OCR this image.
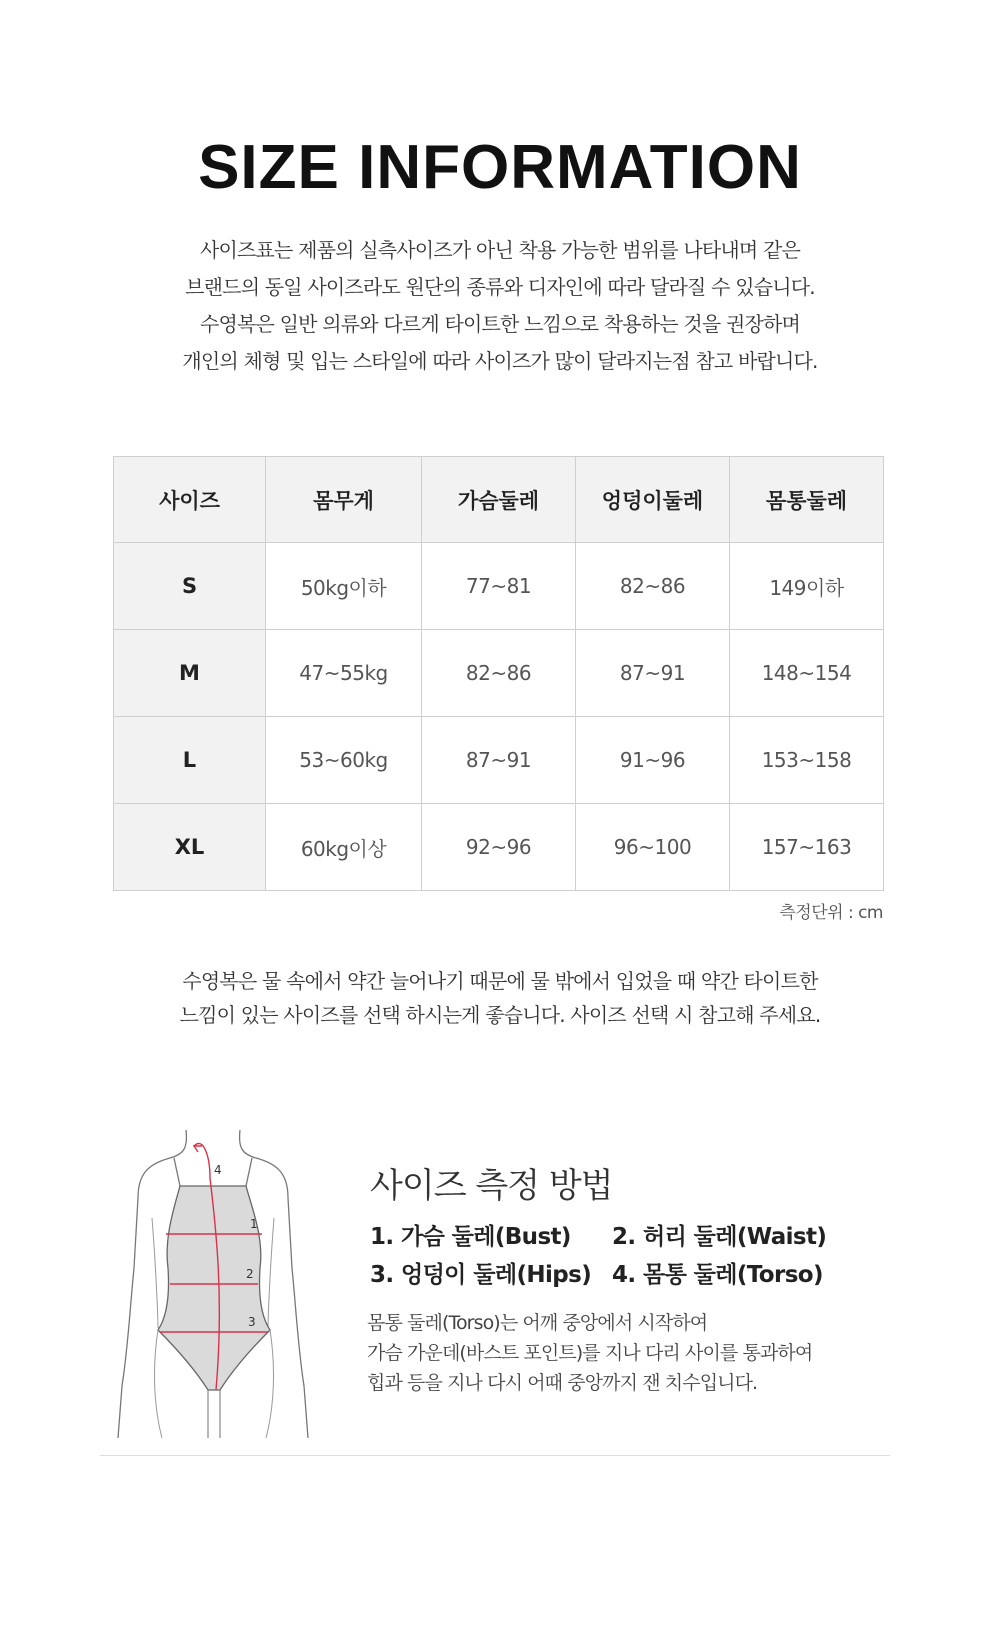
SIZE INFORMATION
사이즈표는 제품의 실측사이즈가 아닌 착용 가능한 범위를 나타내며 같은
브랜드의 동일 사이즈라도 원단의 종류와 디자인에 따라 달라질 수 있습니다.
수영복은 일반 의류와 다르게 타이트한 느낌으로 착용하는 것을 권장하며
개인의 체형 및 입는 스타일에 따라 사이즈가 많이 달라지는점 참고 바랍니다.
사이즈	몸무게	가슴둘레	엉덩이둘레	몸통둘레
S	50kg이하	77~81	82~86	149이하
M	47~55kg	82~86	87~91	148~154
L	53~60kg	87~91	91~96	153~158
XL	60kg이상	92~96	96~100	157~163
측정단위 : cm
수영복은 물 속에서 약간 늘어나기 때문에 물 밖에서 입었을 때 약간 타이트한
느낌이 있는 사이즈를 선택 하시는게 좋습니다. 사이즈 선택 시 참고해 주세요.
1
2
3
4	사이즈 측정 방법
1. 가슴 둘레(Bust) 2. 허리 둘레(Waist)
3. 엉덩이 둘레(Hips) 4. 몸통 둘레(Torso)
몸통 둘레(Torso)는 어깨 중앙에서 시작하여
가슴 가운데(바스트 포인트)를 지나 다리 사이를 통과하여
힙과 등을 지나 다시 어때 중앙까지 잰 치수입니다.
